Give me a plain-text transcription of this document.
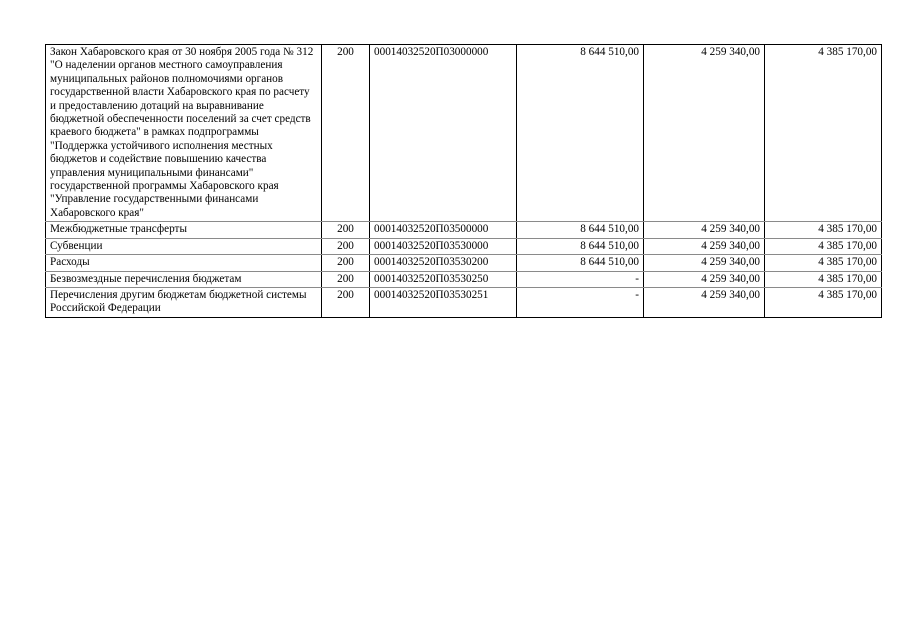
Закон Хабаровского края от 30 ноября 2005 года № 312 "О наделении органов местного самоуправления муниципальных районов полномочиями органов государственной власти Хабаровского края по расчету и предоставлению дотаций на выравнивание бюджетной обеспеченности поселений за счет средств краевого бюджета" в рамках подпрограммы "Поддержка устойчивого исполнения местных бюджетов и содействие повышению качества управления муниципальными финансами" государственной программы Хабаровского края "Управление государственными финансами Хабаровского края"	200	00014032520П03000000	8 644 510,00	4 259 340,00	4 385 170,00
Межбюджетные трансферты	200	00014032520П03500000	8 644 510,00	4 259 340,00	4 385 170,00
Субвенции	200	00014032520П03530000	8 644 510,00	4 259 340,00	4 385 170,00
Расходы	200	00014032520П03530200	8 644 510,00	4 259 340,00	4 385 170,00
Безвозмездные перечисления бюджетам	200	00014032520П03530250	-	4 259 340,00	4 385 170,00
Перечисления другим бюджетам бюджетной системы Российской Федерации	200	00014032520П03530251	-	4 259 340,00	4 385 170,00
